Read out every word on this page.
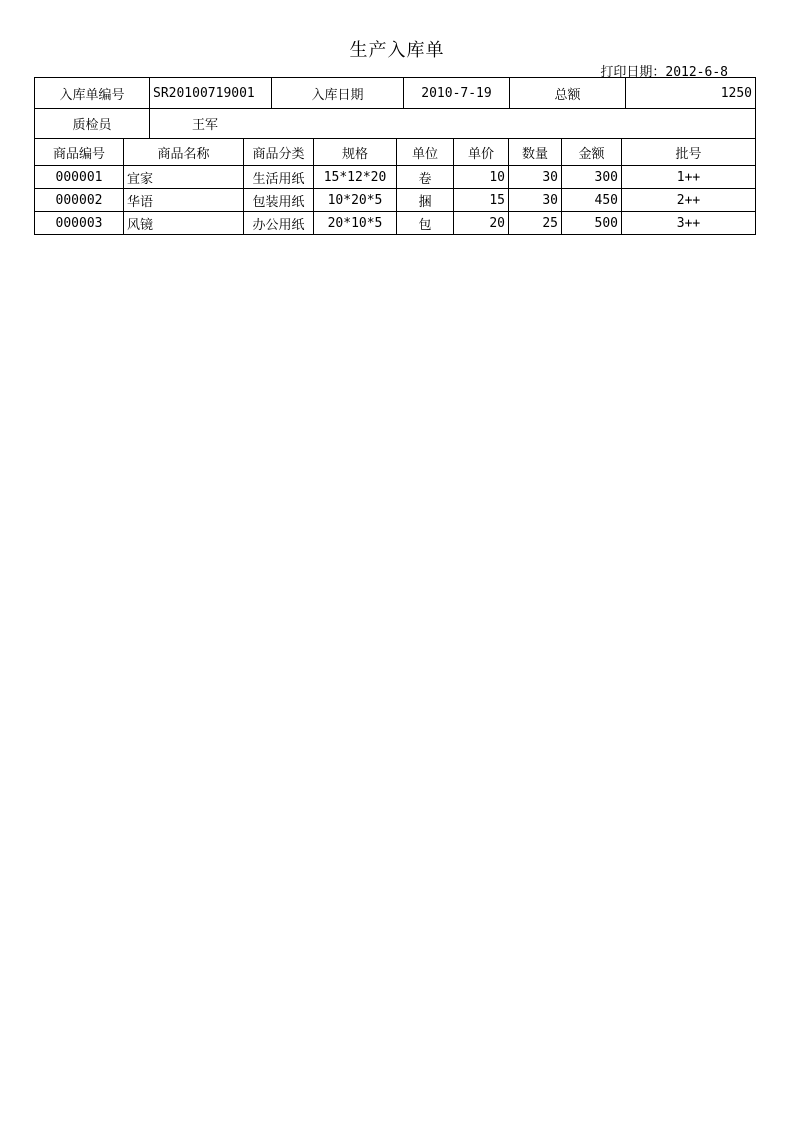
生产入库单
打印日期：2012-6-8
入库单编号	SR20100719001	入库日期	2010-7-19	总额	1250
质检员	王军				
商品编号	商品名称	商品分类	规格	单位	单价	数量	金额	批号
000001	宜家	生活用纸	15*12*20	卷	10	30	300	1++
000002	华语	包装用纸	10*20*5	捆	15	30	450	2++
000003	风镜	办公用纸	20*10*5	包	20	25	500	3++
